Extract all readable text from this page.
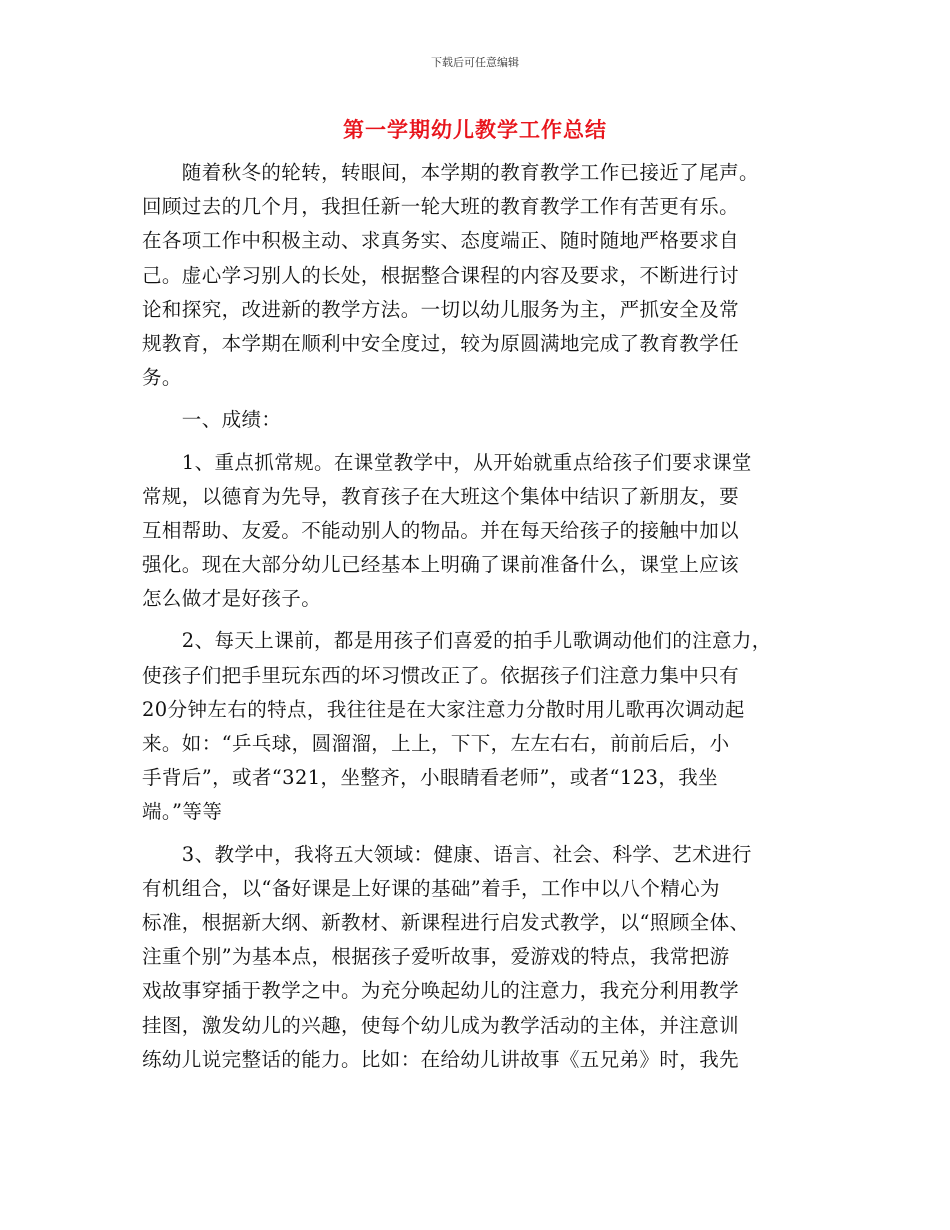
下载后可任意编辑
第一学期幼儿教学工作总结
　　随着秋冬的轮转，转眼间，本学期的教育教学工作已接近了尾声。
回顾过去的几个月，我担任新一轮大班的教育教学工作有苦更有乐。
在各项工作中积极主动、求真务实、态度端正、随时随地严格要求自
己。虚心学习别人的长处，根据整合课程的内容及要求，不断进行讨
论和探究，改进新的教学方法。一切以幼儿服务为主，严抓安全及常
规教育，本学期在顺利中安全度过，较为原圆满地完成了教育教学任
务。
　　一、成绩：
　　1、重点抓常规。在课堂教学中，从开始就重点给孩子们要求课堂
常规，以德育为先导，教育孩子在大班这个集体中结识了新朋友，要
互相帮助、友爱。不能动别人的物品。并在每天给孩子的接触中加以
强化。现在大部分幼儿已经基本上明确了课前准备什么，课堂上应该
怎么做才是好孩子。
　　2、每天上课前，都是用孩子们喜爱的拍手儿歌调动他们的注意力，
使孩子们把手里玩东西的坏习惯改正了。依据孩子们注意力集中只有
20分钟左右的特点，我往往是在大家注意力分散时用儿歌再次调动起
来。如：“乒乓球，圆溜溜，上上，下下，左左右右，前前后后，小
手背后”，或者“321，坐整齐，小眼睛看老师”，或者“123，我坐
端。”等等
　　3、教学中，我将五大领域：健康、语言、社会、科学、艺术进行
有机组合，以“备好课是上好课的基础”着手，工作中以八个精心为
标准，根据新大纲、新教材、新课程进行启发式教学，以“照顾全体、
注重个别”为基本点，根据孩子爱听故事，爱游戏的特点，我常把游
戏故事穿插于教学之中。为充分唤起幼儿的注意力，我充分利用教学
挂图，激发幼儿的兴趣，使每个幼儿成为教学活动的主体，并注意训
练幼儿说完整话的能力。比如：在给幼儿讲故事《五兄弟》时，我先
